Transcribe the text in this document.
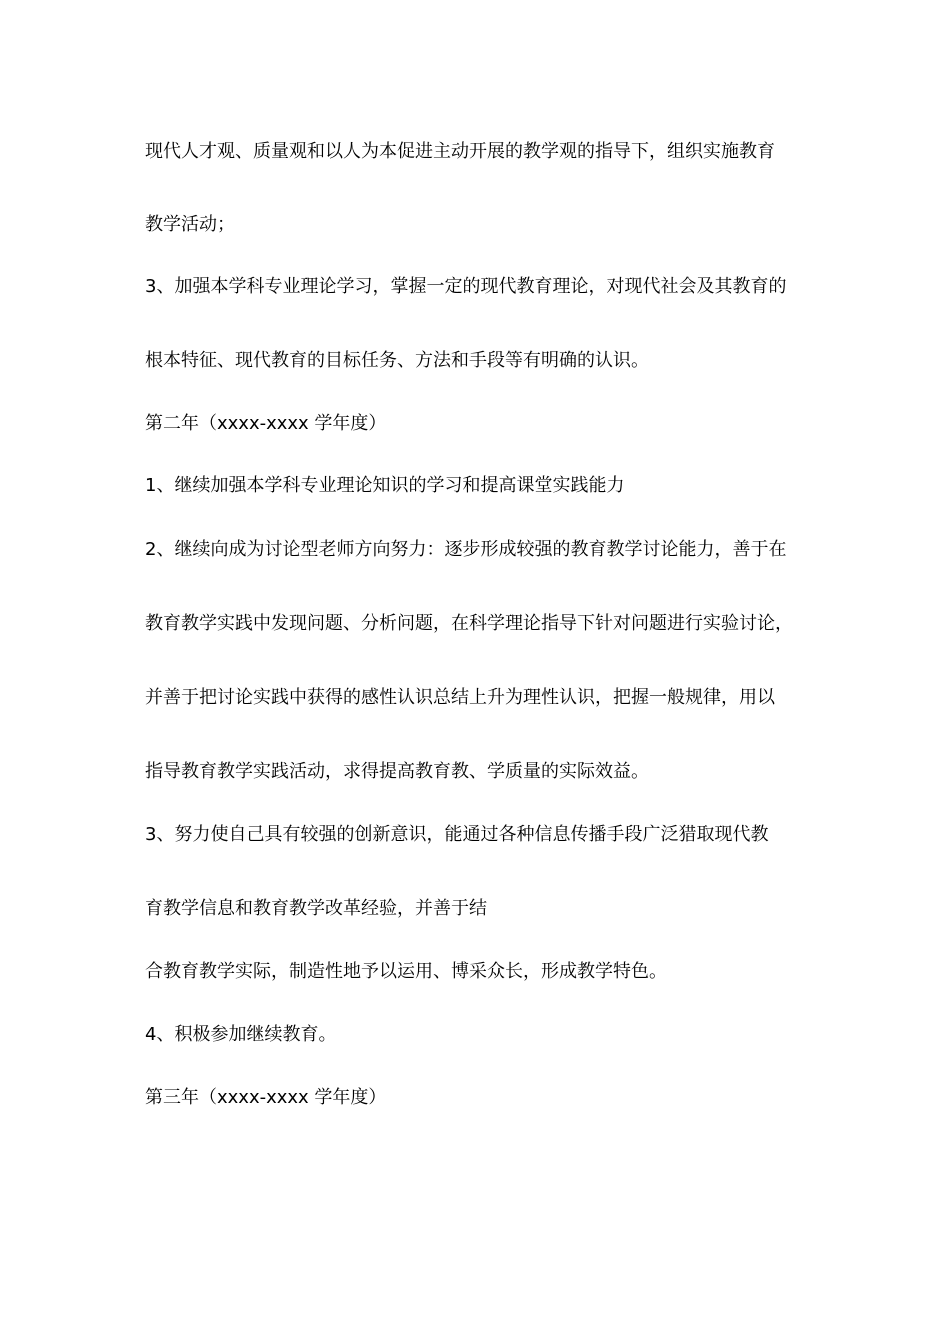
现代人才观、质量观和以人为本促进主动开展的教学观的指导下，组织实施教育
教学活动；
3、加强本学科专业理论学习，掌握一定的现代教育理论，对现代社会及其教育的
根本特征、现代教育的目标任务、方法和手段等有明确的认识。
第二年（xxxx-xxxx 学年度）
1、继续加强本学科专业理论知识的学习和提高课堂实践能力
2、继续向成为讨论型老师方向努力：逐步形成较强的教育教学讨论能力，善于在
教育教学实践中发现问题、分析问题，在科学理论指导下针对问题进行实验讨论，
并善于把讨论实践中获得的感性认识总结上升为理性认识，把握一般规律，用以
指导教育教学实践活动，求得提高教育教、学质量的实际效益。
3、努力使自己具有较强的创新意识，能通过各种信息传播手段广泛猎取现代教
育教学信息和教育教学改革经验，并善于结
合教育教学实际，制造性地予以运用、博采众长，形成教学特色。
4、积极参加继续教育。
第三年（xxxx-xxxx 学年度）
